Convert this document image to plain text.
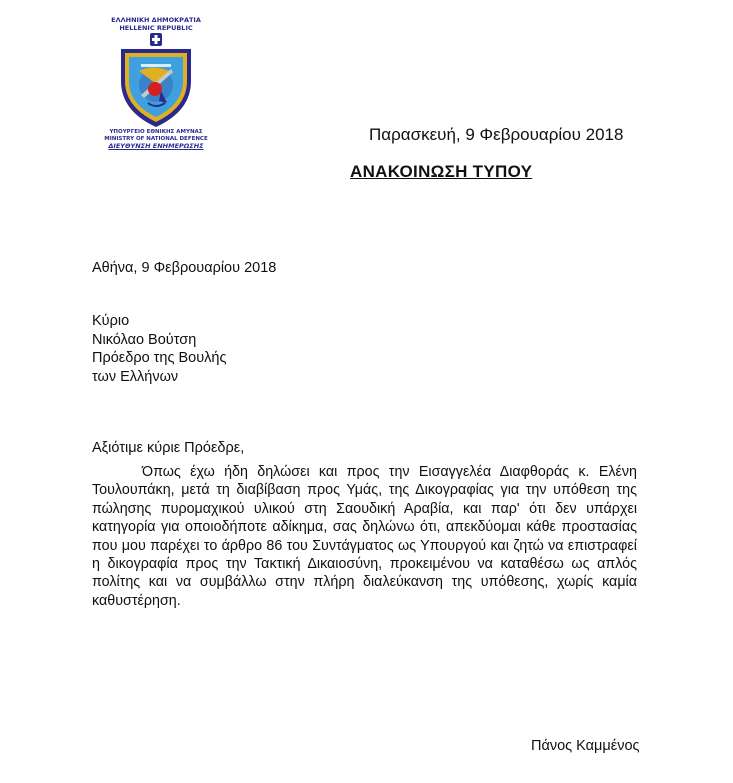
ΕΛΛΗΝΙΚΗ ΔΗΜΟΚΡΑΤΙΑ
HELLENIC REPUBLIC
ΥΠΟΥΡΓΕΙΟ ΕΘΝΙΚΗΣ ΑΜΥΝΑΣ
MINISTRY OF NATIONAL DEFENCE
ΔΙΕΥΘΥΝΣΗ ΕΝΗΜΕΡΩΣΗΣ
Παρασκευή, 9 Φεβρουαρίου 2018
ΑΝΑΚΟΙΝΩΣΗ ΤΥΠΟΥ
Αθήνα, 9 Φεβρουαρίου 2018
Κύριο
Νικόλαο Βούτση
Πρόεδρο της Βουλής
των Ελλήνων
Αξιότιμε κύριε Πρόεδρε,
Όπως έχω ήδη δηλώσει και προς την Εισαγγελέα Διαφθοράς κ. Ελένη Τουλουπάκη, μετά τη διαβίβαση προς Υμάς, της Δικογραφίας για την υπόθεση της πώλησης πυρομαχικού υλικού στη Σαουδική Αραβία, και παρ' ότι δεν υπάρχει κατηγορία για οποιοδήποτε αδίκημα, σας δηλώνω ότι, απεκδύομαι κάθε προστασίας που μου παρέχει το άρθρο 86 του Συντάγματος ως Υπουργού και ζητώ να επιστραφεί η δικογραφία προς την Τακτική Δικαιοσύνη, προκειμένου να καταθέσω ως απλός πολίτης και να συμβάλλω στην πλήρη διαλεύκανση της υπόθεσης, χωρίς καμία καθυστέρηση.
Πάνος Καμμένος
